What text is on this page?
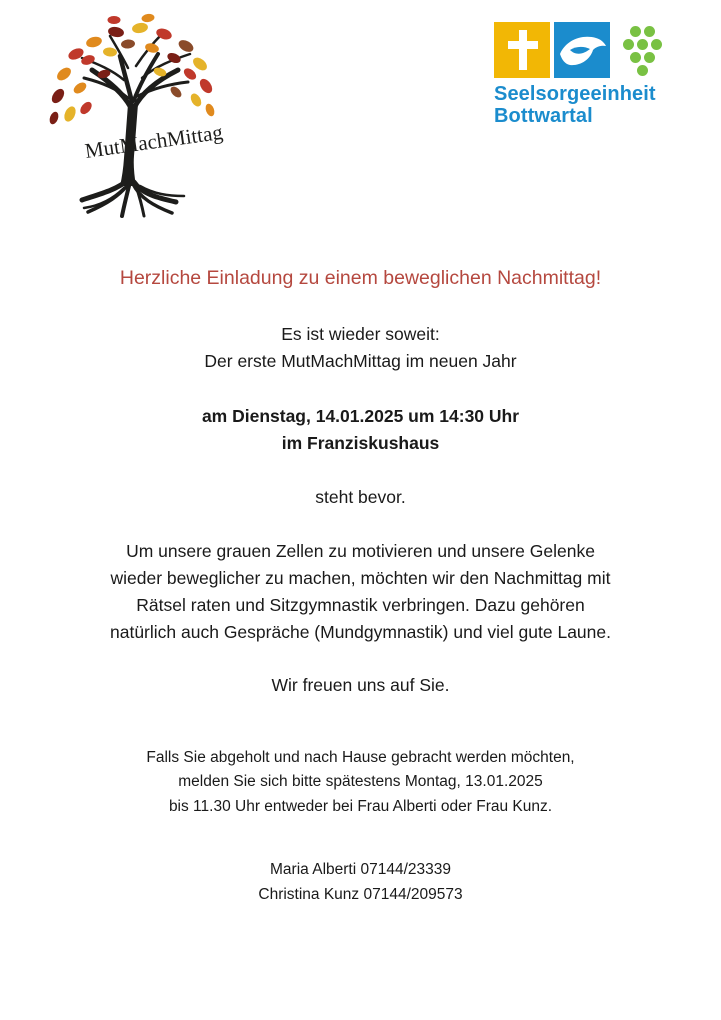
MutMachMittag
Seelsorgeeinheit
Bottwartal

Herzliche Einladung zu einem beweglichen Nachmittag!

Es ist wieder soweit:
Der erste MutMachMittag im neuen Jahr

am Dienstag, 14.01.2025 um 14:30 Uhr
im Franziskushaus

steht bevor.

Um unsere grauen Zellen zu motivieren und unsere Gelenke
wieder beweglicher zu machen, möchten wir den Nachmittag mit
Rätsel raten und Sitzgymnastik verbringen. Dazu gehören
natürlich auch Gespräche (Mundgymnastik) und viel gute Laune.

Wir freuen uns auf Sie.

Falls Sie abgeholt und nach Hause gebracht werden möchten,
melden Sie sich bitte spätestens Montag, 13.01.2025
bis 11.30 Uhr entweder bei Frau Alberti oder Frau Kunz.

Maria Alberti 07144/23339
Christina Kunz 07144/209573
